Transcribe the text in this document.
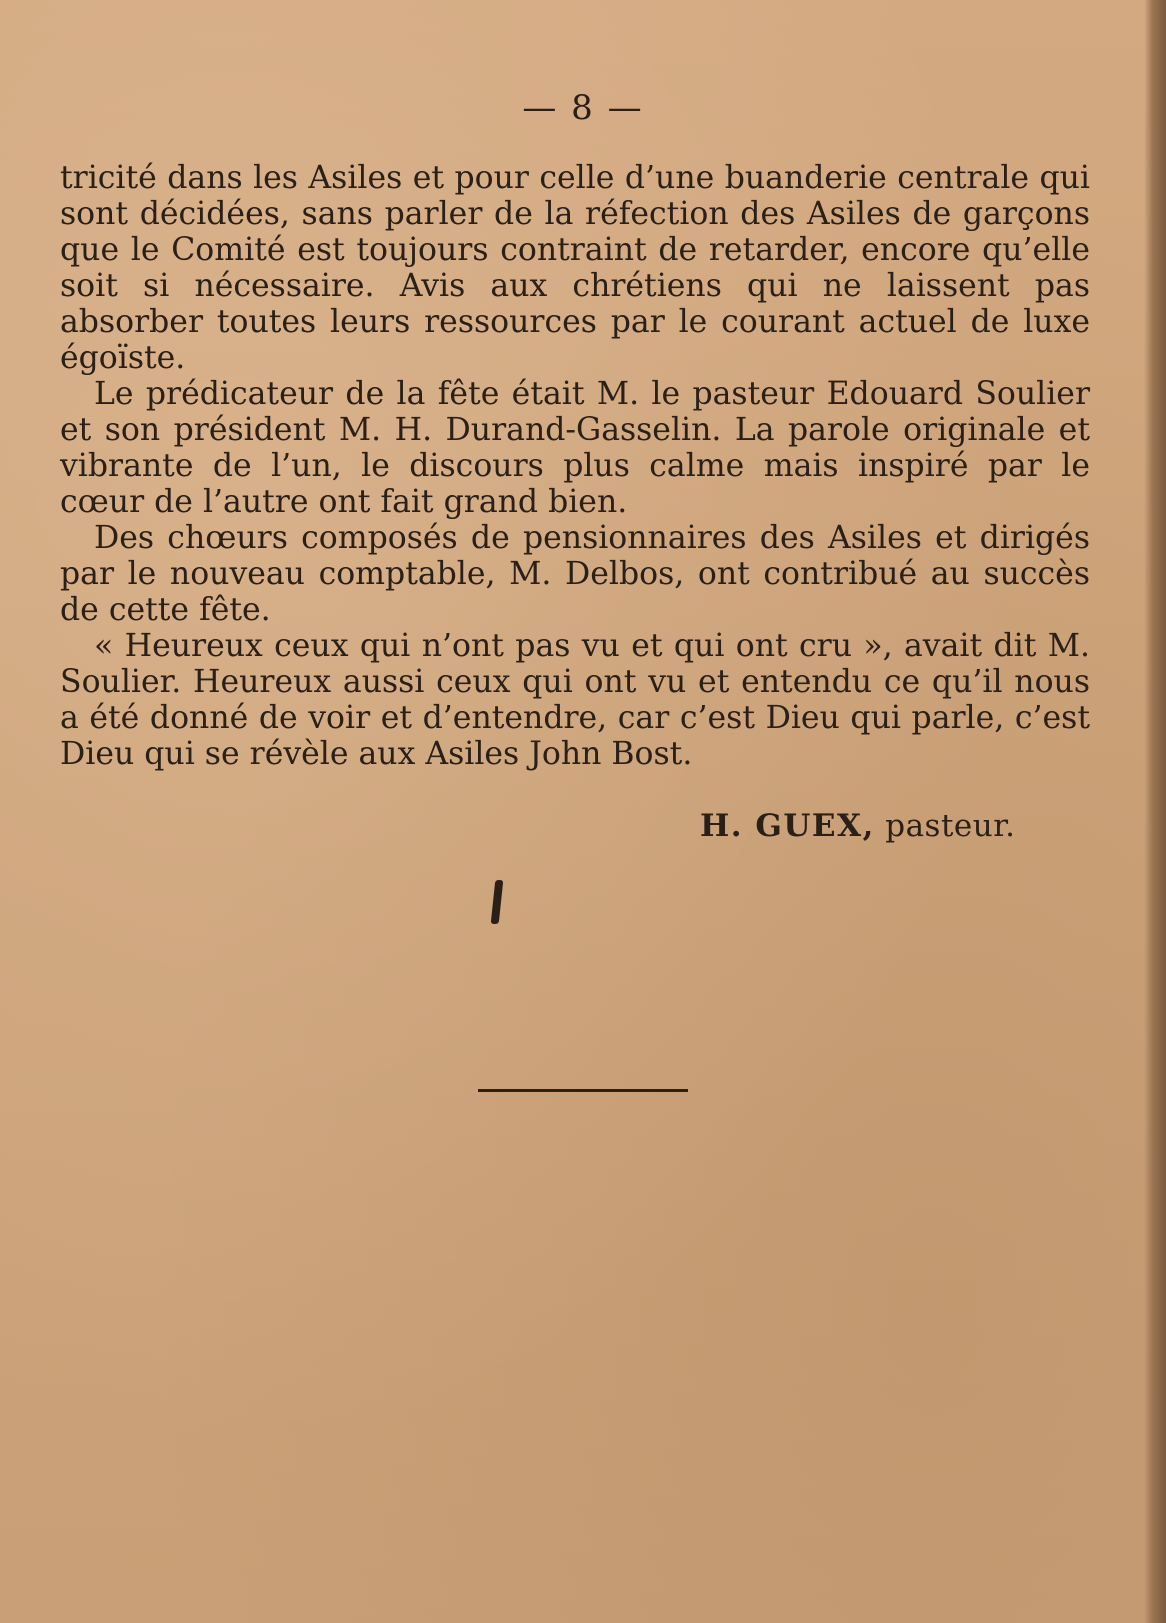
— 8 —

tricité dans les Asiles et pour celle d’une buanderie centrale qui sont décidées, sans parler de la réfection des Asiles de garçons que le Comité est toujours contraint de retarder, encore qu’elle soit si nécessaire. Avis aux chrétiens qui ne laissent pas absorber toutes leurs ressources par le courant actuel de luxe égoïste.

Le prédicateur de la fête était M. le pasteur Edouard Soulier et son président M. H. Durand-Gasselin. La parole originale et vibrante de l’un, le discours plus calme mais inspiré par le cœur de l’autre ont fait grand bien.

Des chœurs composés de pensionnaires des Asiles et dirigés par le nouveau comptable, M. Delbos, ont contribué au succès de cette fête.

« Heureux ceux qui n’ont pas vu et qui ont cru », avait dit M. Soulier. Heureux aussi ceux qui ont vu et entendu ce qu’il nous a été donné de voir et d’entendre, car c’est Dieu qui parle, c’est Dieu qui se révèle aux Asiles John Bost.

H. GUEX, pasteur.
